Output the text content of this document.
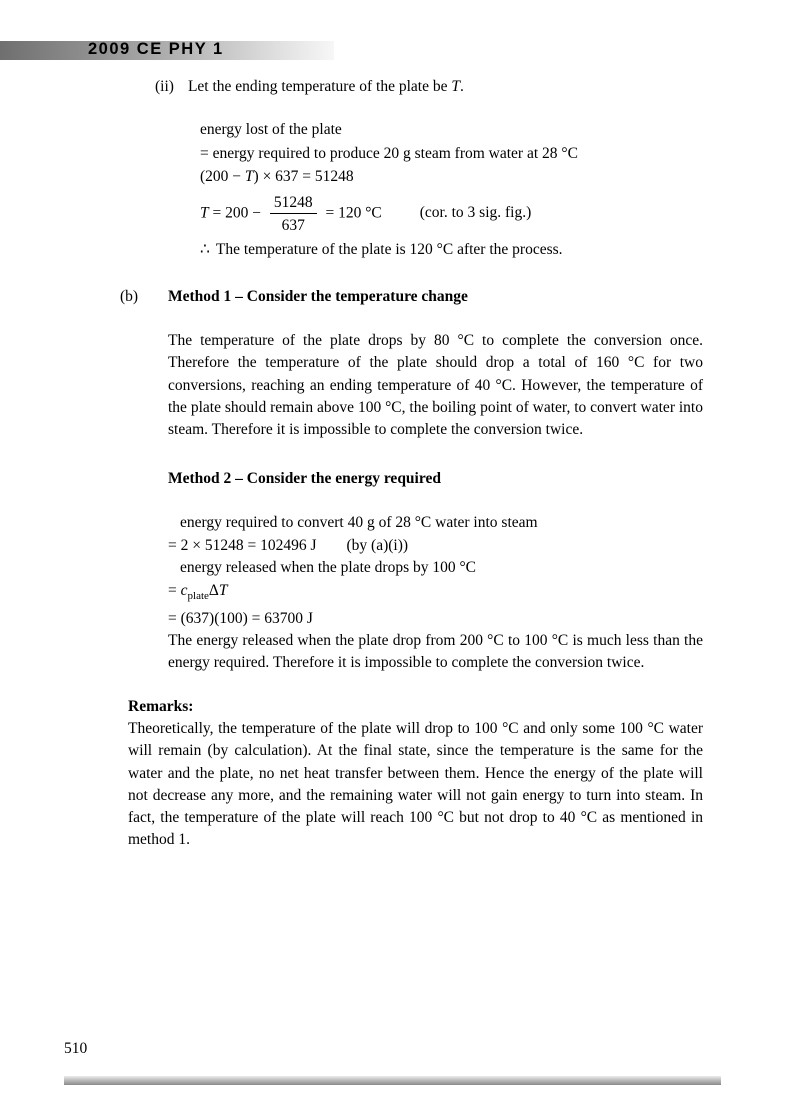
2009 CE PHY 1
(ii) Let the ending temperature of the plate be T.
energy lost of the plate
= energy required to produce 20 g steam from water at 28 °C
(200 − T) × 637 = 51248
$T = 200 - \frac{51248}{637} = 120$ °C (cor. to 3 sig. fig.)
∴ The temperature of the plate is 120 °C after the process.
(b)	Method 1 – Consider the temperature change

The temperature of the plate drops by 80 °C to complete the conversion once. Therefore the temperature of the plate should drop a total of 160 °C for two conversions, reaching an ending temperature of 40 °C. However, the temperature of the plate should remain above 100 °C, the boiling point of water, to convert water into steam. Therefore it is impossible to complete the conversion twice.

Method 2 – Consider the energy required
energy required to convert 40 g of 28 °C water into steam
= 2 × 51248 = 102496 J (by (a)(i))
energy released when the plate drops by 100 °C
= $c_{plate}\Delta T$
= (637)(100) = 63700 J

The energy released when the plate drop from 200 °C to 100 °C is much less than the energy required. Therefore it is impossible to complete the conversion twice.

Remarks:

Theoretically, the temperature of the plate will drop to 100 °C and only some 100 °C water will remain (by calculation). At the final state, since the temperature is the same for the water and the plate, no net heat transfer between them. Hence the energy of the plate will not decrease any more, and the remaining water will not gain energy to turn into steam. In fact, the temperature of the plate will reach 100 °C but not drop to 40 °C as mentioned in method 1.

510
